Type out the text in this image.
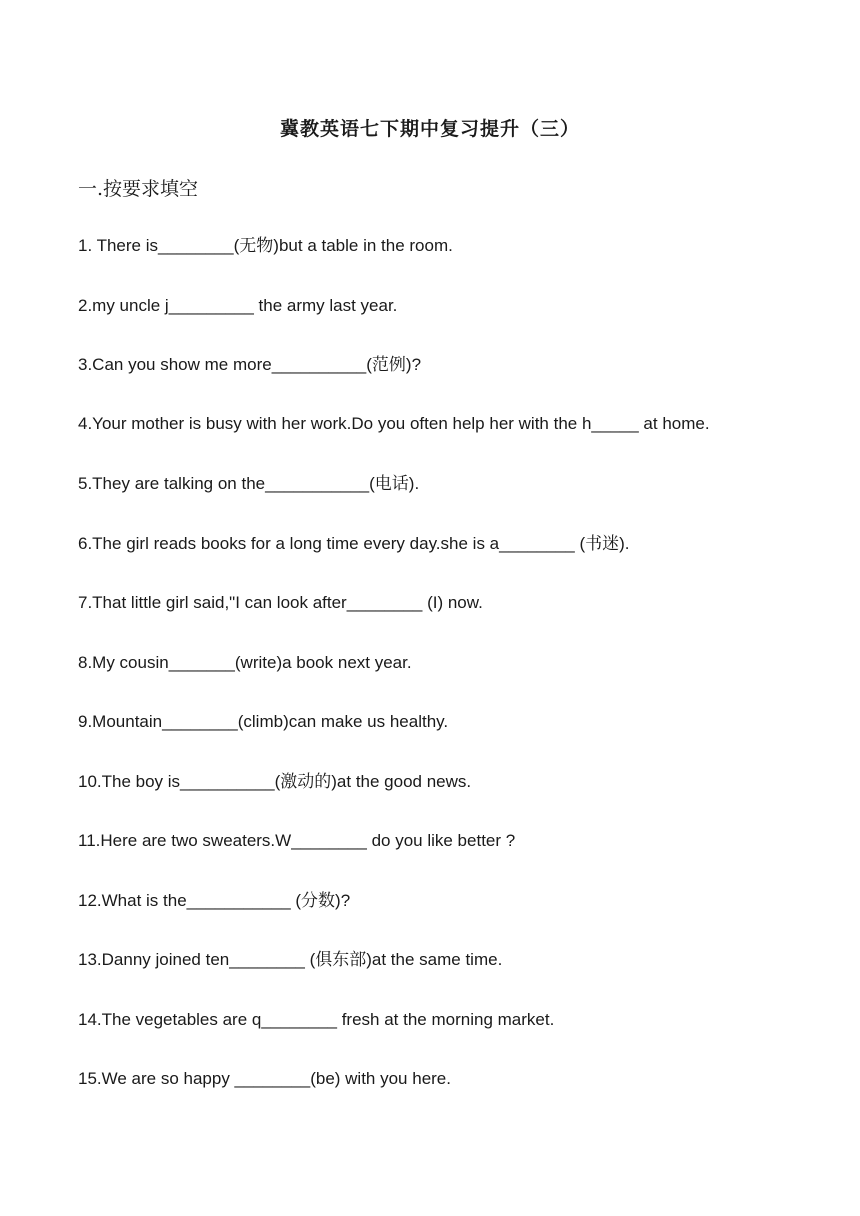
冀教英语七下期中复习提升（三）
一.按要求填空
1. There is________(无物)but a table in the room.
2.my uncle j_________ the army last year.
3.Can you show me more__________(范例)?
4.Your mother is busy with her work.Do you often help her with the h_____ at home.
5.They are talking on the___________(电话).
6.The girl reads books for a long time every day.she is a________ (书迷).
7.That little girl said,"I can look after________ (I) now.
8.My cousin_______(write)a book next year.
9.Mountain________(climb)can make us healthy.
10.The boy is__________(激动的)at the good news.
11.Here are two sweaters.W________ do you like better ?
12.What is the___________ (分数)?
13.Danny joined ten________ (俱东部)at the same time.
14.The vegetables are q________ fresh at the morning market.
15.We are so happy ________(be) with you here.
